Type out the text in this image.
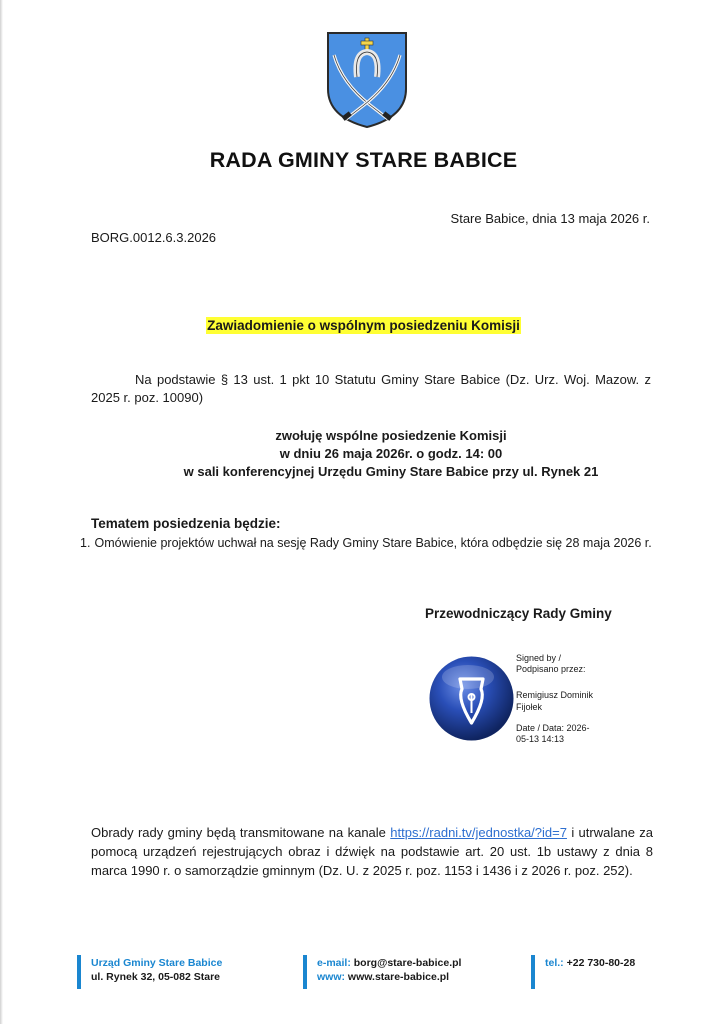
RADA GMINY STARE BABICE
Stare Babice, dnia 13 maja 2026 r.
BORG.0012.6.3.2026
Zawiadomienie o wspólnym posiedzeniu Komisji
Na podstawie § 13 ust. 1 pkt 10 Statutu Gminy Stare Babice (Dz. Urz. Woj. Mazow. z 2025 r. poz. 10090)
zwołuję wspólne posiedzenie Komisji
w dniu 26 maja 2026r. o godz. 14: 00
w sali konferencyjnej Urzędu Gminy Stare Babice przy ul. Rynek 21
Tematem posiedzenia będzie:
1. Omówienie projektów uchwał na sesję Rady Gminy Stare Babice, która odbędzie się 28 maja 2026 r.
Przewodniczący Rady Gminy
Signed by /
Podpisano przez:
Remigiusz Dominik
Fijołek
Date / Data: 2026-
05-13 14:13
Obrady rady gminy będą transmitowane na kanale https://radni.tv/jednostka/?id=7 i utrwalane za pomocą urządzeń rejestrujących obraz i dźwięk na podstawie art. 20 ust. 1b ustawy z dnia 8 marca 1990 r. o samorządzie gminnym (Dz. U. z 2025 r. poz. 1153 i 1436 i z 2026 r. poz. 252).
Urząd Gminy Stare Babice
ul. Rynek 32, 05-082 Stare
e-mail: borg@stare-babice.pl
www: www.stare-babice.pl
tel.: +22 730-80-28
